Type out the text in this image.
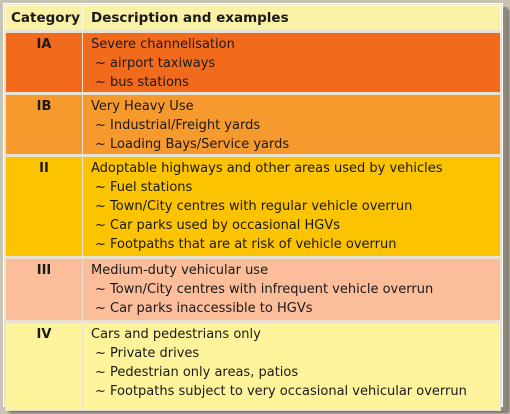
Category	Description and examples
IA	Severe channelisation
~ airport taxiways
~ bus stations

IB	Very Heavy Use
~ Industrial/Freight yards
~ Loading Bays/Service yards

II	Adoptable highways and other areas used by vehicles
~ Fuel stations
~ Town/City centres with regular vehicle overrun
~ Car parks used by occasional HGVs
~ Footpaths that are at risk of vehicle overrun

III	Medium-duty vehicular use
~ Town/City centres with infrequent vehicle overrun
~ Car parks inaccessible to HGVs

IV	Cars and pedestrians only
~ Private drives
~ Pedestrian only areas, patios
~ Footpaths subject to very occasional vehicular overrun
